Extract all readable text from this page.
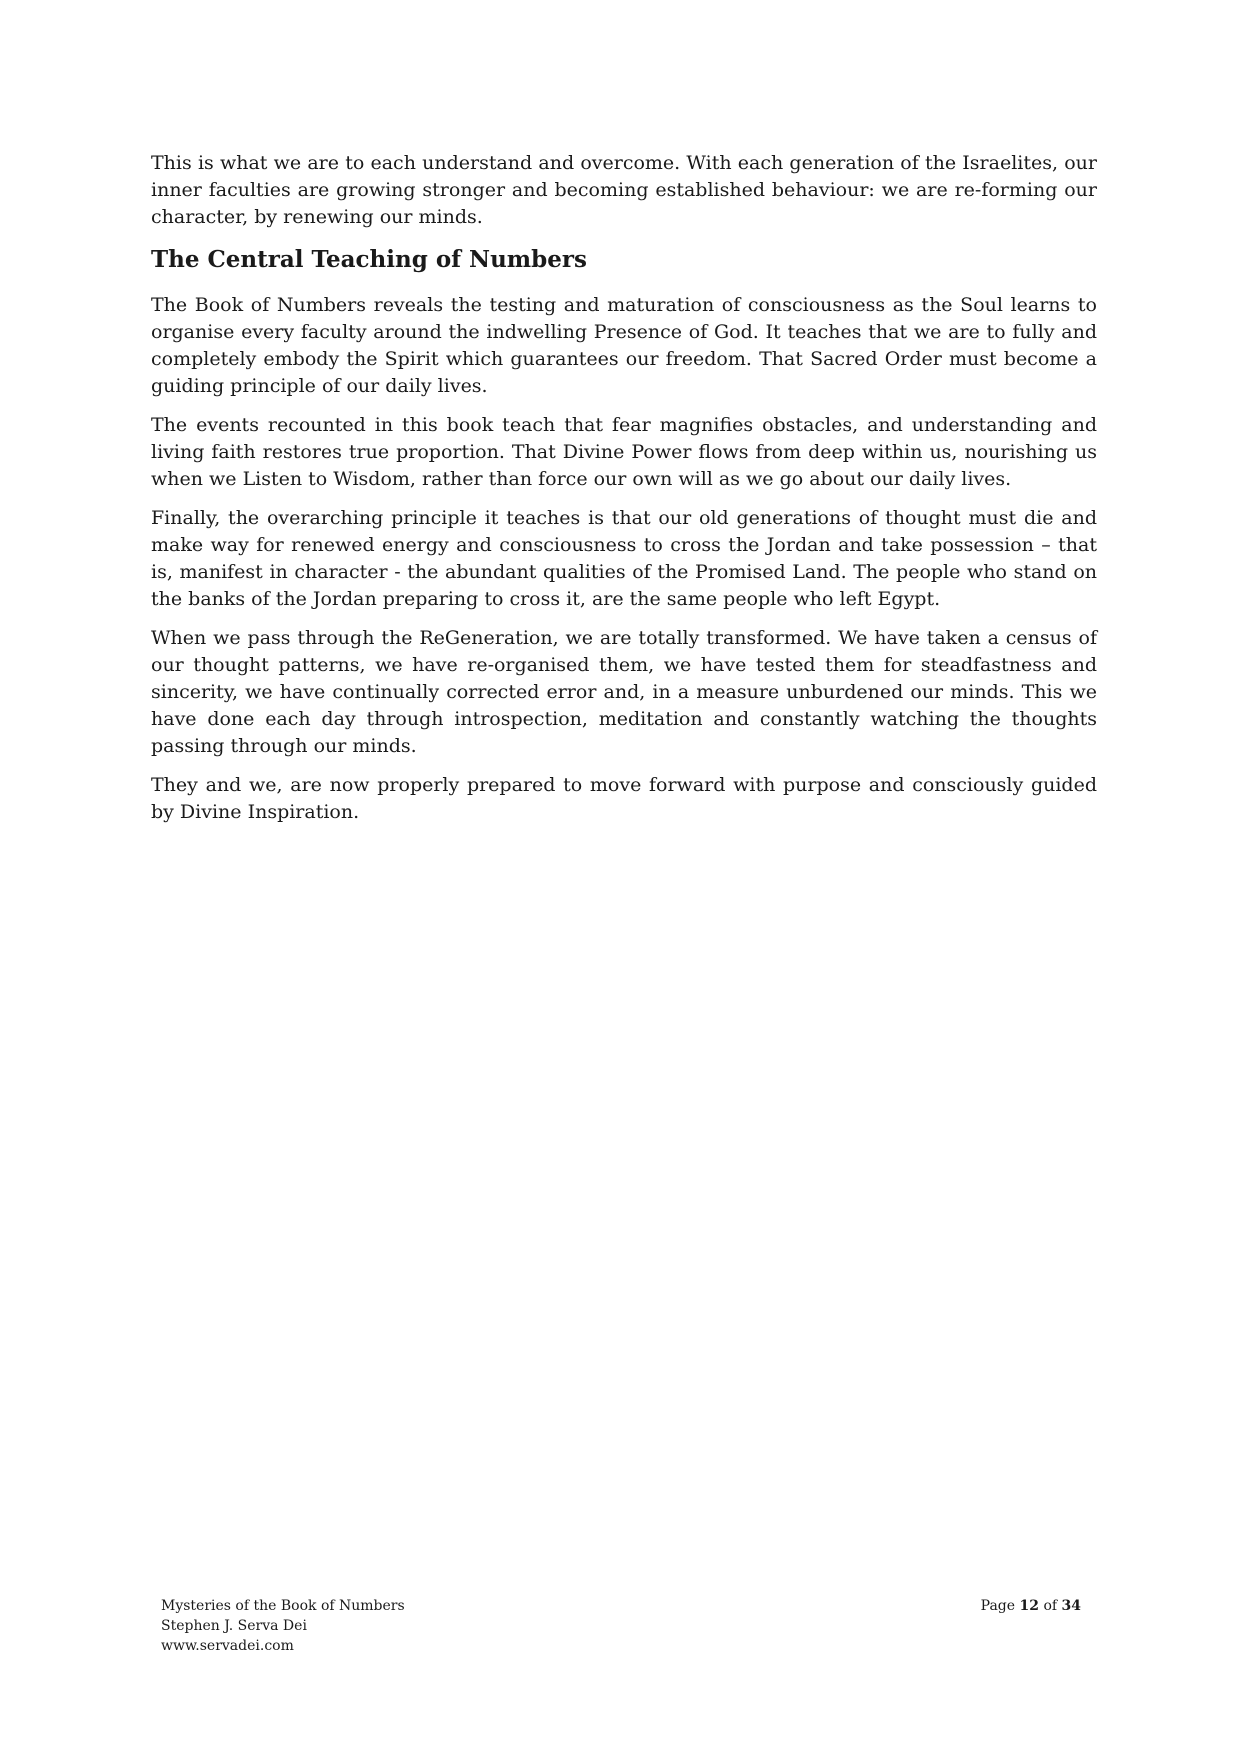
This is what we are to each understand and overcome. With each generation of the Israelites, our inner faculties are growing stronger and becoming established behaviour: we are re-forming our character, by renewing our minds.

The Central Teaching of Numbers

The Book of Numbers reveals the testing and maturation of consciousness as the Soul learns to organise every faculty around the indwelling Presence of God. It teaches that we are to fully and completely embody the Spirit which guarantees our freedom. That Sacred Order must become a guiding principle of our daily lives.

The events recounted in this book teach that fear magnifies obstacles, and understanding and living faith restores true proportion. That Divine Power flows from deep within us, nourishing us when we Listen to Wisdom, rather than force our own will as we go about our daily lives.

Finally, the overarching principle it teaches is that our old generations of thought must die and make way for renewed energy and consciousness to cross the Jordan and take possession – that is, manifest in character - the abundant qualities of the Promised Land. The people who stand on the banks of the Jordan preparing to cross it, are the same people who left Egypt.

When we pass through the ReGeneration, we are totally transformed. We have taken a census of our thought patterns, we have re-organised them, we have tested them for steadfastness and sincerity, we have continually corrected error and, in a measure unburdened our minds. This we have done each day through introspection, meditation and constantly watching the thoughts passing through our minds.

They and we, are now properly prepared to move forward with purpose and consciously guided by Divine Inspiration.

Mysteries of the Book of Numbers
Stephen J. Serva Dei
www.servadei.com
Page 12 of 34
